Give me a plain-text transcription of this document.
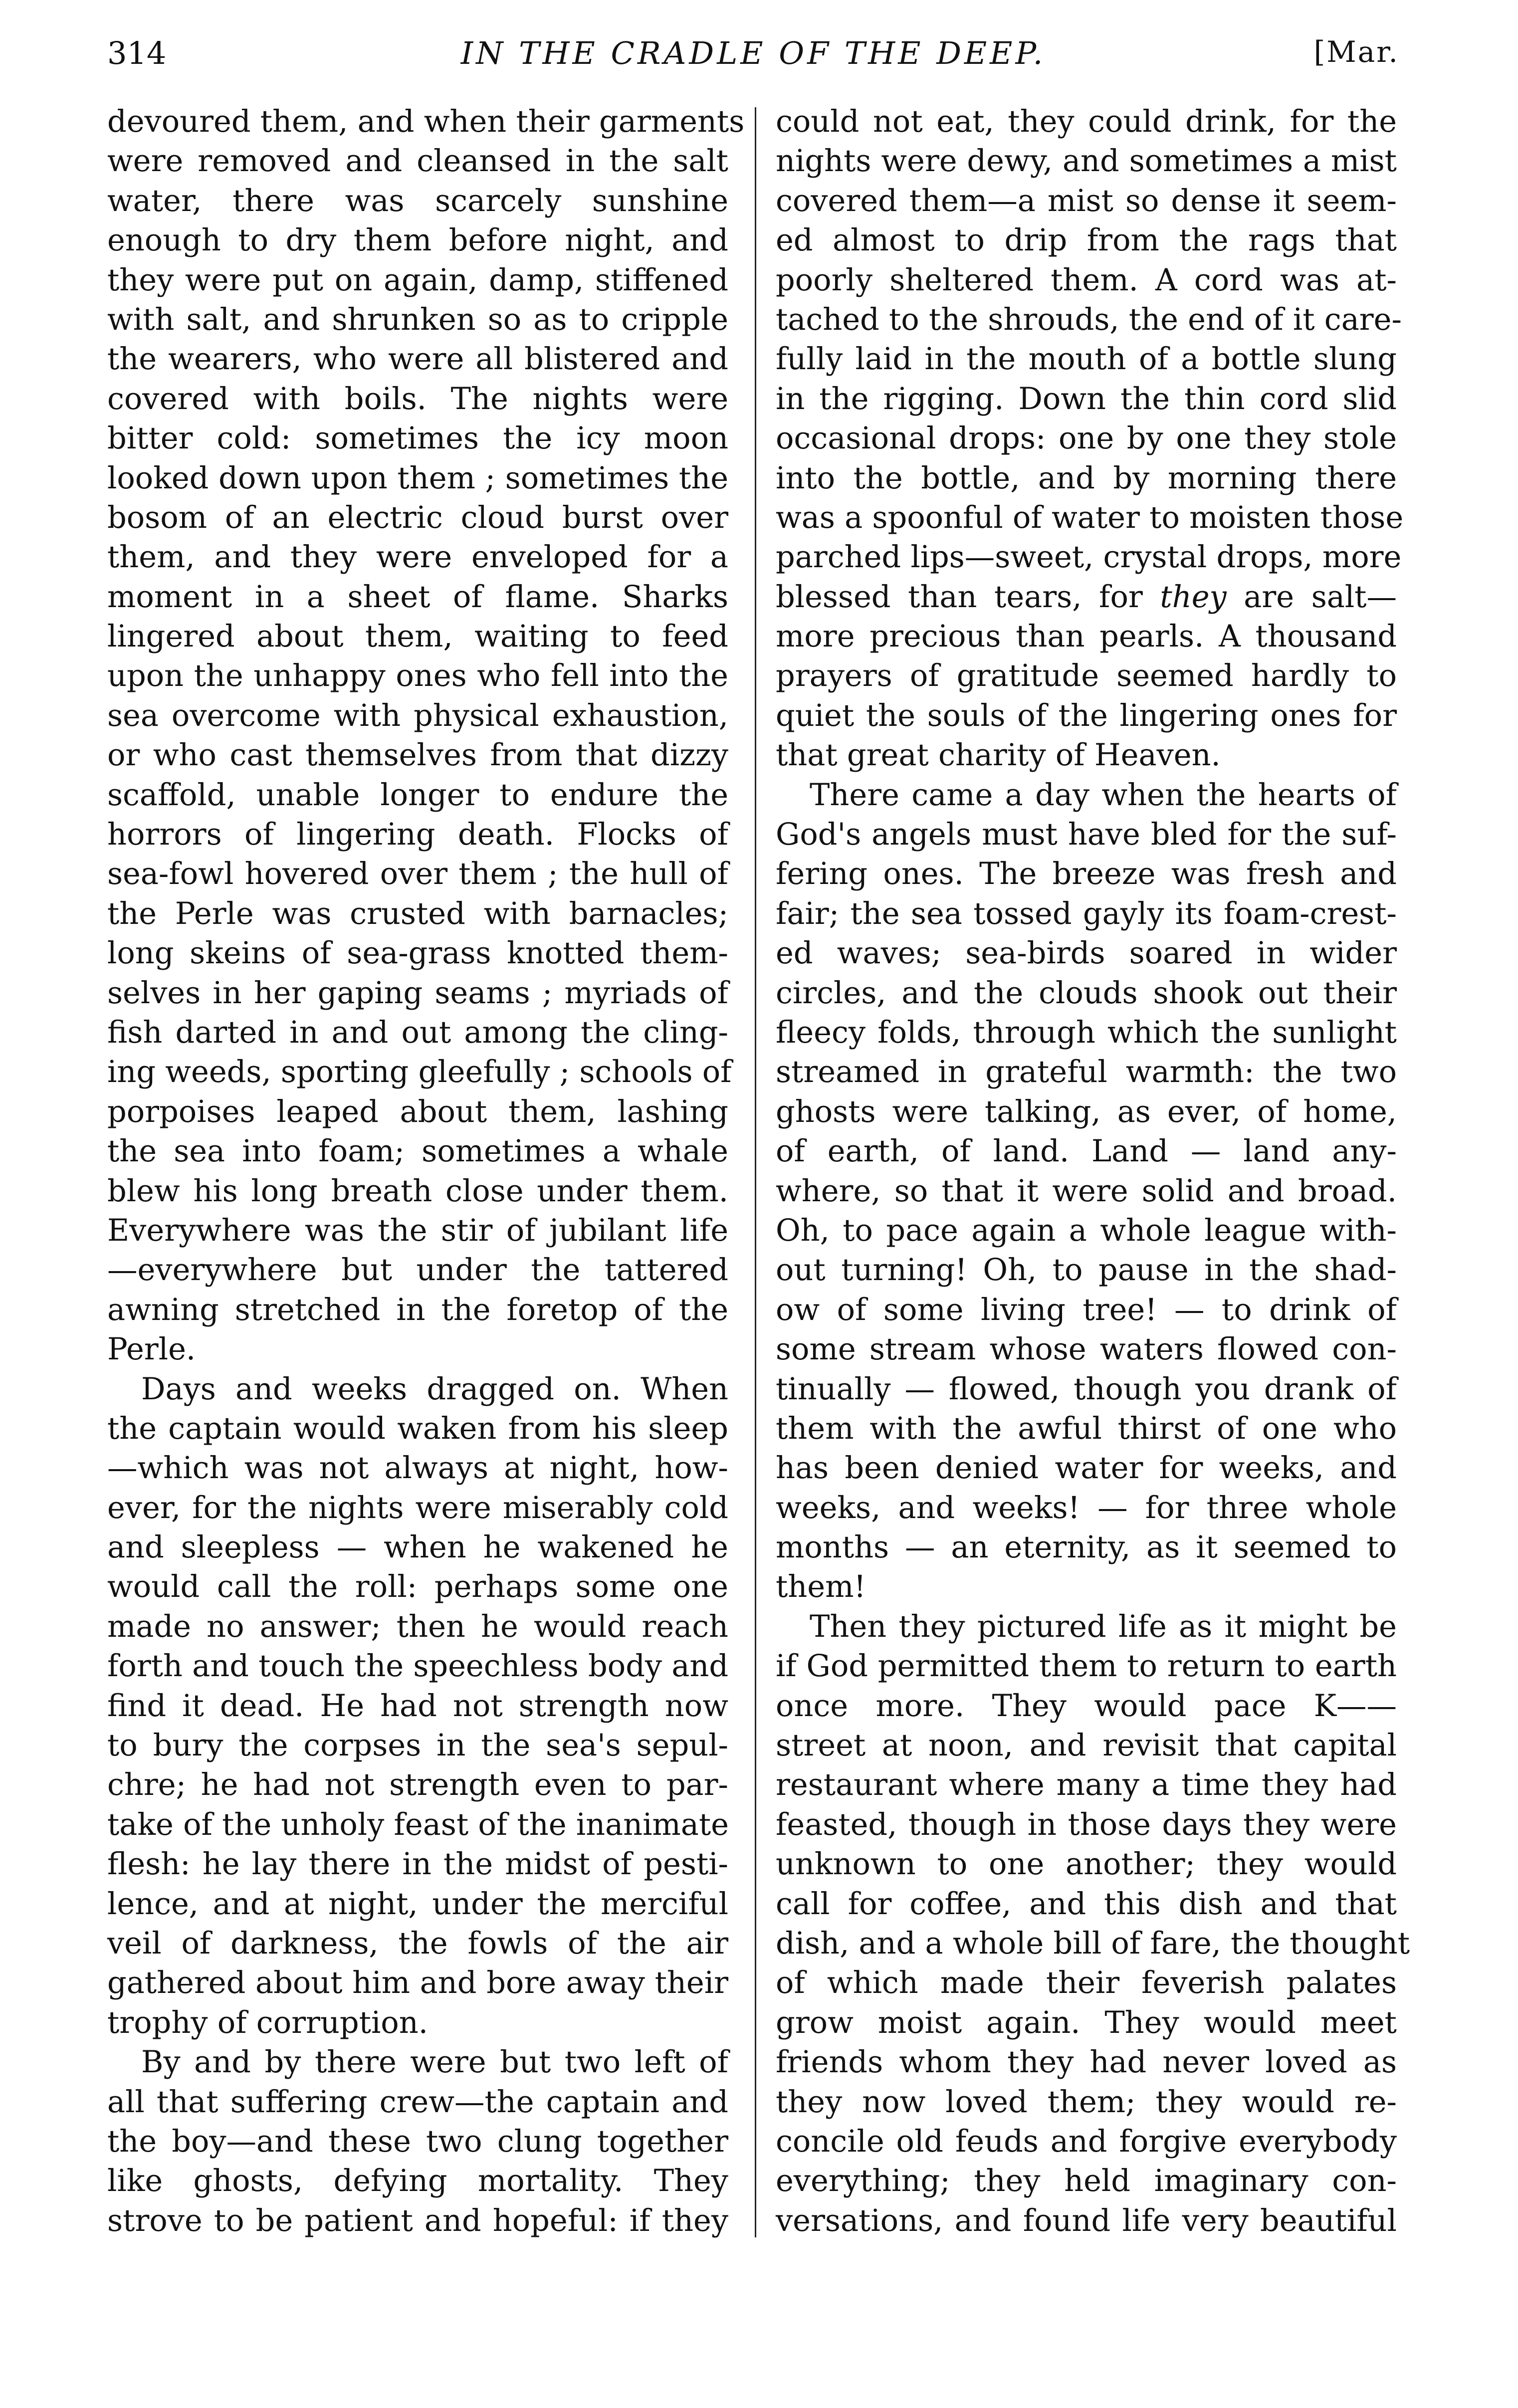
314	IN THE CRADLE OF THE DEEP.	[Mar.
devoured them, and when their garments
were removed and cleansed in the salt
water, there was scarcely sunshine
enough to dry them before night, and
they were put on again, damp, stiffened
with salt, and shrunken so as to cripple
the wearers, who were all blistered and
covered with boils. The nights were
bitter cold: sometimes the icy moon
looked down upon them ; sometimes the
bosom of an electric cloud burst over
them, and they were enveloped for a
moment in a sheet of flame. Sharks
lingered about them, waiting to feed
upon the unhappy ones who fell into the
sea overcome with physical exhaustion,
or who cast themselves from that dizzy
scaffold, unable longer to endure the
horrors of lingering death. Flocks of
sea-fowl hovered over them ; the hull of
the Perle was crusted with barnacles;
long skeins of sea-grass knotted them-
selves in her gaping seams ; myriads of
fish darted in and out among the cling-
ing weeds, sporting gleefully ; schools of
porpoises leaped about them, lashing
the sea into foam; sometimes a whale
blew his long breath close under them.
Everywhere was the stir of jubilant life
—everywhere but under the tattered
awning stretched in the foretop of the
Perle.
Days and weeks dragged on. When
the captain would waken from his sleep
—which was not always at night, how-
ever, for the nights were miserably cold
and sleepless — when he wakened he
would call the roll: perhaps some one
made no answer; then he would reach
forth and touch the speechless body and
find it dead. He had not strength now
to bury the corpses in the sea's sepul-
chre; he had not strength even to par-
take of the unholy feast of the inanimate
flesh: he lay there in the midst of pesti-
lence, and at night, under the merciful
veil of darkness, the fowls of the air
gathered about him and bore away their
trophy of corruption.
By and by there were but two left of
all that suffering crew—the captain and
the boy—and these two clung together
like ghosts, defying mortality. They
strove to be patient and hopeful: if they
could not eat, they could drink, for the
nights were dewy, and sometimes a mist
covered them—a mist so dense it seem-
ed almost to drip from the rags that
poorly sheltered them. A cord was at-
tached to the shrouds, the end of it care-
fully laid in the mouth of a bottle slung
in the rigging. Down the thin cord slid
occasional drops: one by one they stole
into the bottle, and by morning there
was a spoonful of water to moisten those
parched lips—sweet, crystal drops, more
blessed than tears, for they are salt—
more precious than pearls. A thousand
prayers of gratitude seemed hardly to
quiet the souls of the lingering ones for
that great charity of Heaven.
There came a day when the hearts of
God's angels must have bled for the suf-
fering ones. The breeze was fresh and
fair; the sea tossed gayly its foam-crest-
ed waves; sea-birds soared in wider
circles, and the clouds shook out their
fleecy folds, through which the sunlight
streamed in grateful warmth: the two
ghosts were talking, as ever, of home,
of earth, of land. Land — land any-
where, so that it were solid and broad.
Oh, to pace again a whole league with-
out turning! Oh, to pause in the shad-
ow of some living tree! — to drink of
some stream whose waters flowed con-
tinually — flowed, though you drank of
them with the awful thirst of one who
has been denied water for weeks, and
weeks, and weeks! — for three whole
months — an eternity, as it seemed to
them!
Then they pictured life as it might be
if God permitted them to return to earth
once more. They would pace K——
street at noon, and revisit that capital
restaurant where many a time they had
feasted, though in those days they were
unknown to one another; they would
call for coffee, and this dish and that
dish, and a whole bill of fare, the thought
of which made their feverish palates
grow moist again. They would meet
friends whom they had never loved as
they now loved them; they would re-
concile old feuds and forgive everybody
everything; they held imaginary con-
versations, and found life very beautiful
